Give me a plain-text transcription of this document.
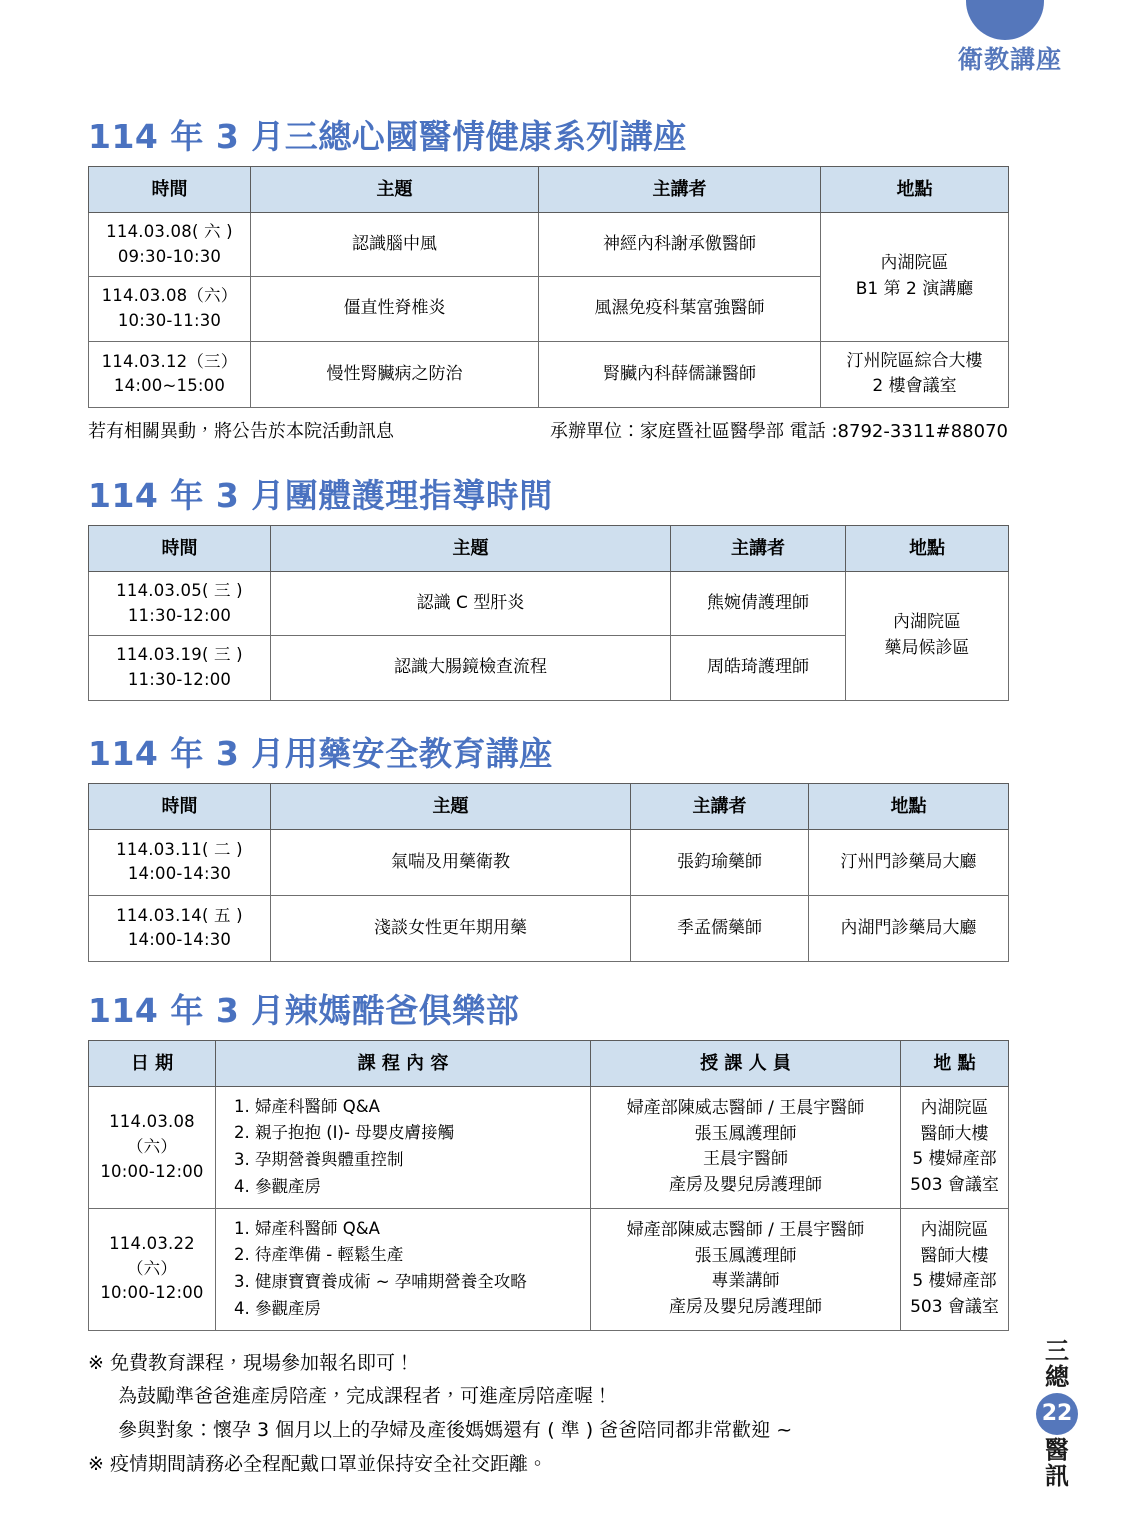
衛教講座
114 年 3 月三總心國醫情健康系列講座
時間	主題	主講者	地點

114.03.08( 六 )
09:30-10:30	認識腦中風	神經內科謝承儌醫師	內湖院區
B1 第 2 演講廳

114.03.08（六）
10:30-11:30	僵直性脊椎炎	風濕免疫科葉富強醫師	

114.03.12（三）
14:00~15:00	慢性腎臟病之防治	腎臟內科薛儒謙醫師	汀州院區綜合大樓
2 樓會議室
若有相關異動，將公告於本院活動訊息	承辦單位：家庭暨社區醫學部 電話 :8792-3311#88070
114 年 3 月團體護理指導時間
時間	主題	主講者	地點

114.03.05( 三 )
11:30-12:00	認識 C 型肝炎	熊婉倩護理師	內湖院區
藥局候診區

114.03.19( 三 )
11:30-12:00	認識大腸鏡檢查流程	周皓琦護理師	
114 年 3 月用藥安全教育講座
時間	主題	主講者	地點

114.03.11( 二 )
14:00-14:30	氣喘及用藥衛教	張鈞瑜藥師	汀州門診藥局大廳

114.03.14( 五 )
14:00-14:30	淺談女性更年期用藥	季孟儒藥師	內湖門診藥局大廳
114 年 3 月辣媽酷爸俱樂部
日 期	課 程 內 容	授 課 人 員	地 點

114.03.08
（六）
10:00-12:00	1. 婦產科醫師 Q&A
2. 親子抱抱 (I)- 母嬰皮膚接觸
3. 孕期營養與體重控制
4. 參觀產房	婦產部陳威志醫師 / 王晨宇醫師
張玉鳳護理師
王晨宇醫師
產房及嬰兒房護理師	內湖院區
醫師大樓
5 樓婦產部
503 會議室

114.03.22
（六）
10:00-12:00	1. 婦產科醫師 Q&A
2. 待產準備 - 輕鬆生產
3. 健康寶寶養成術 ~ 孕哺期營養全攻略
4. 參觀產房	婦產部陳威志醫師 / 王晨宇醫師
張玉鳳護理師
專業講師
產房及嬰兒房護理師	內湖院區
醫師大樓
5 樓婦產部
503 會議室
※ 免費教育課程，現場參加報名即可！
為鼓勵準爸爸進產房陪產，完成課程者，可進產房陪產喔！
參與對象：懷孕 3 個月以上的孕婦及產後媽媽還有 ( 準 ) 爸爸陪同都非常歡迎 ~
※ 疫情期間請務必全程配戴口罩並保持安全社交距離。
三
總
22
醫
訊
